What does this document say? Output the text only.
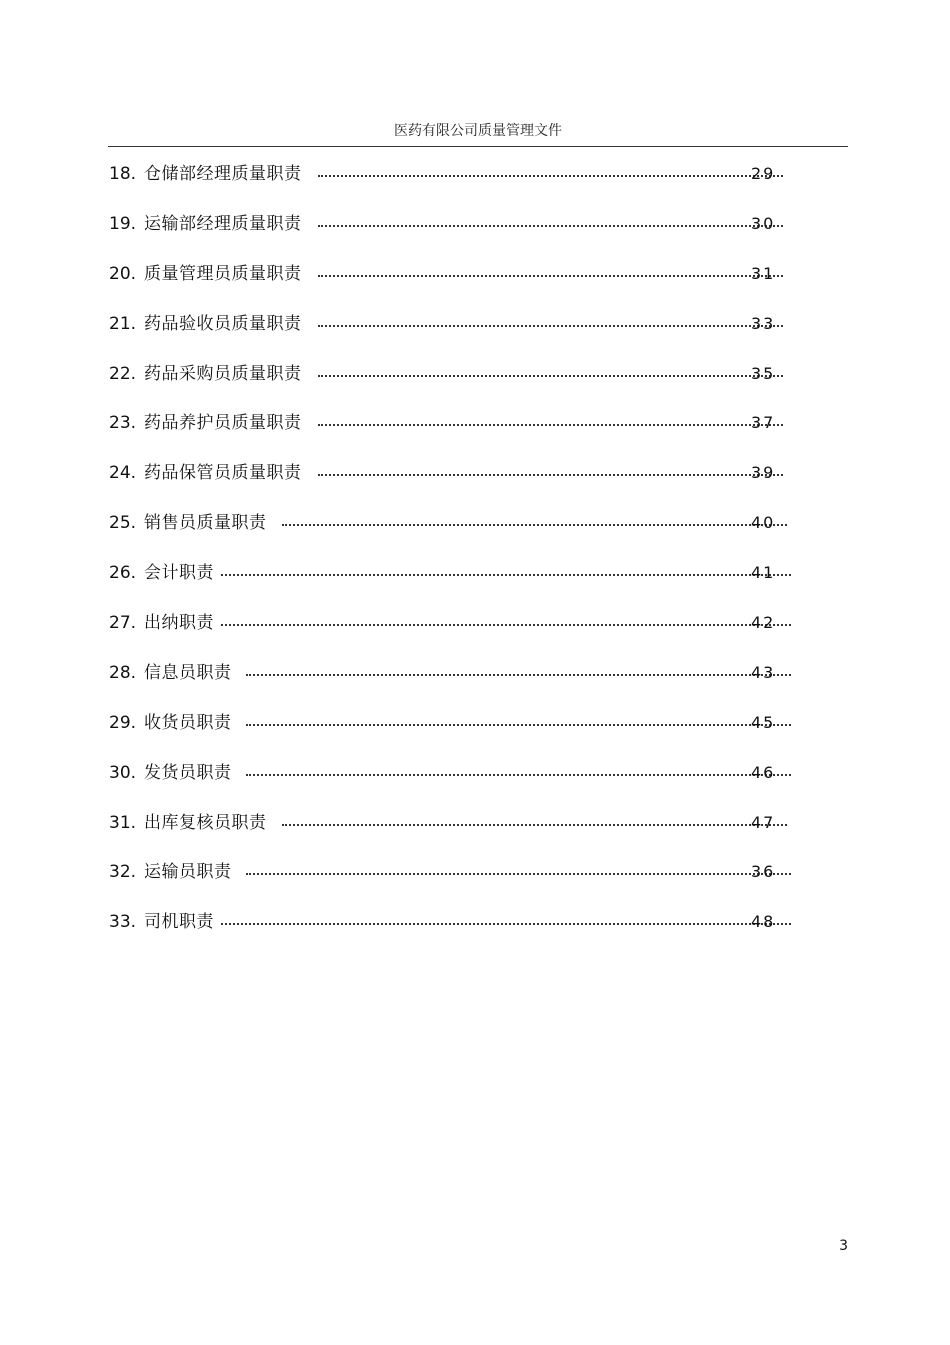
医药有限公司质量管理文件
18. 仓储部经理质量职责	29
19. 运输部经理质量职责	30
20. 质量管理员质量职责	31
21. 药品验收员质量职责	33
22. 药品采购员质量职责	35
23. 药品养护员质量职责	37
24. 药品保管员质量职责	39
25. 销售员质量职责	40
26. 会计职责	41
27. 出纳职责	42
28. 信息员职责	43
29. 收货员职责	45
30. 发货员职责	46
31. 出库复核员职责	47
32. 运输员职责	36
33. 司机职责	48
3
